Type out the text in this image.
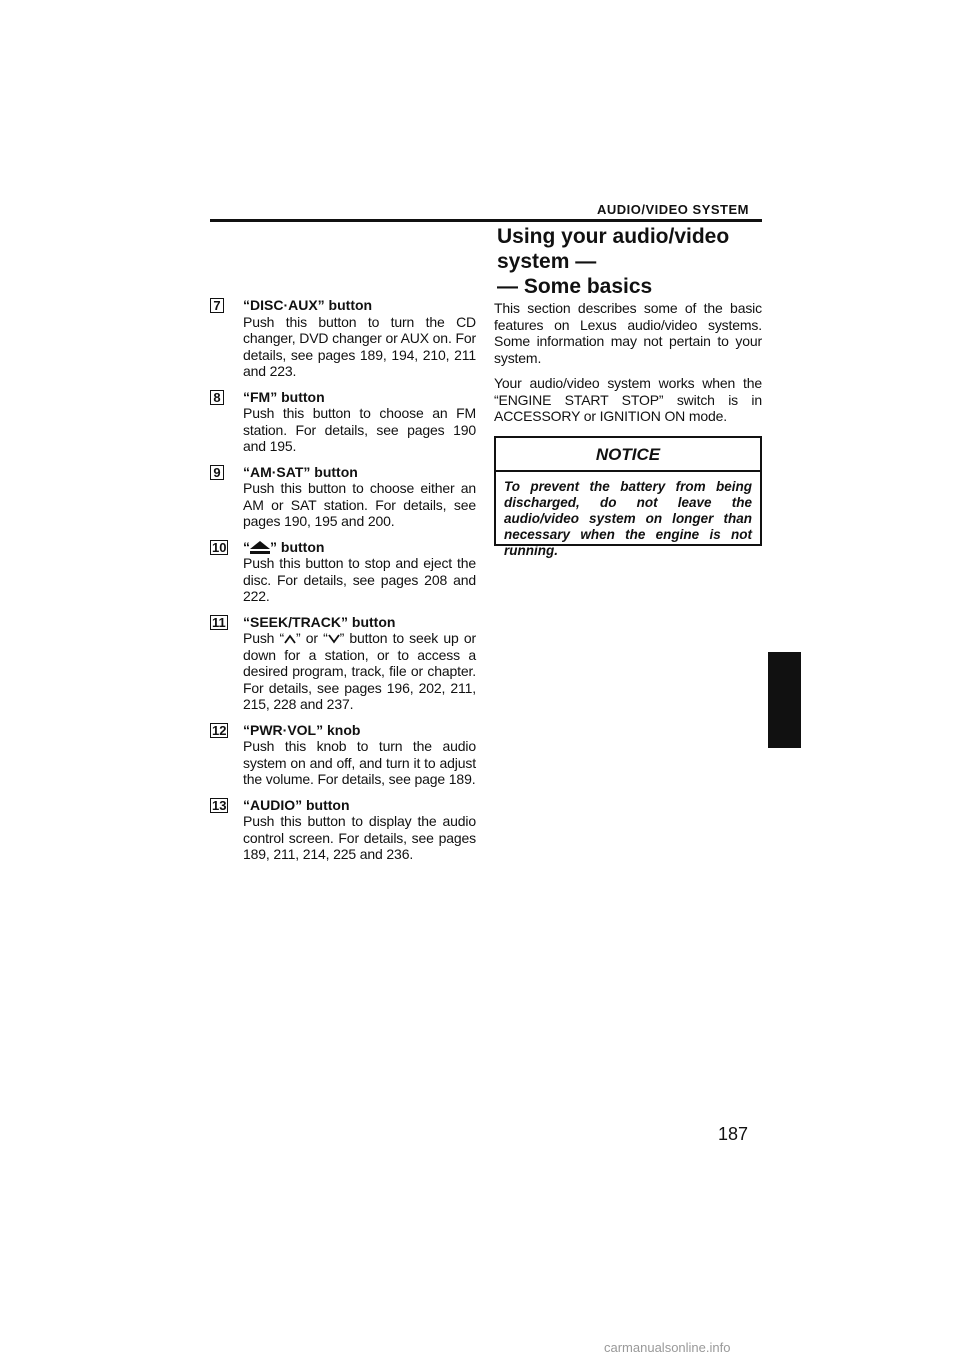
AUDIO/VIDEO SYSTEM
Using your audio/video
system —
— Some basics
7 “DISC·AUX” button
Push this button to turn the CD changer, DVD changer or AUX on. For details, see pages 189, 194, 210, 211 and 223.
8 “FM” button
Push this button to choose an FM station. For details, see pages 190 and 195.
9 “AM·SAT” button
Push this button to choose either an AM or SAT station. For details, see pages 190, 195 and 200.
10 “ ” button
Push this button to stop and eject the disc. For details, see pages 208 and 222.
11 “SEEK/TRACK” button
Push “ ” or “ ” button to seek up or down for a station, or to access a desired program, track, file or chapter. For details, see pages 196, 202, 211, 215, 228 and 237.
12 “PWR·VOL” knob
Push this knob to turn the audio system on and off, and turn it to adjust the volume. For details, see page 189.
13 “AUDIO” button
Push this button to display the audio control screen. For details, see pages 189, 211, 214, 225 and 236.

This section describes some of the basic features on Lexus audio/video systems. Some information may not pertain to your system.

Your audio/video system works when the “ENGINE START STOP” switch is in ACCESSORY or IGNITION ON mode.

NOTICE
To prevent the battery from being discharged, do not leave the audio/video system on longer than necessary when the engine is not running.
187
carmanualsonline.info
